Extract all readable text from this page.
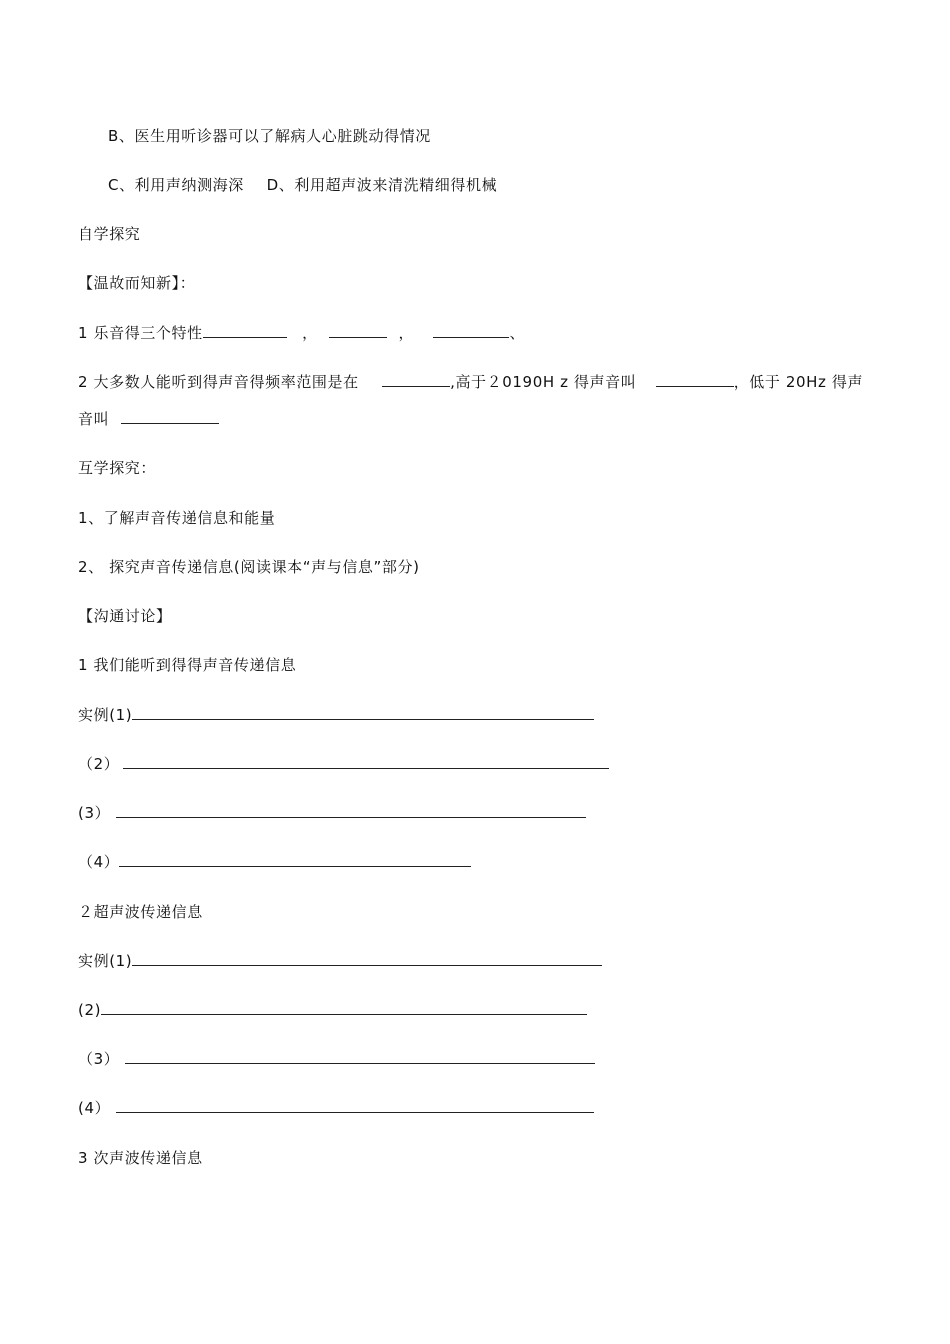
B、医生用听诊器可以了解病人心脏跳动得情况
C、利用声纳测海深 D、利用超声波来清洗精细得机械
自学探究
【温故而知新】：
1 乐音得三个特性	，	，	、
2 大多数人能听到得声音得频率范围是在	,高于２0190H z 得声音叫	，低于 20Hz 得声
音叫
互学探究：
1、了解声音传递信息和能量
2、 探究声音传递信息(阅读课本“声与信息”部分)
【沟通讨论】
1 我们能听到得得声音传递信息
实例(1)
（2）
(3）
（4）
２超声波传递信息
实例(1)
(2)
（3）
(4）
3 次声波传递信息
